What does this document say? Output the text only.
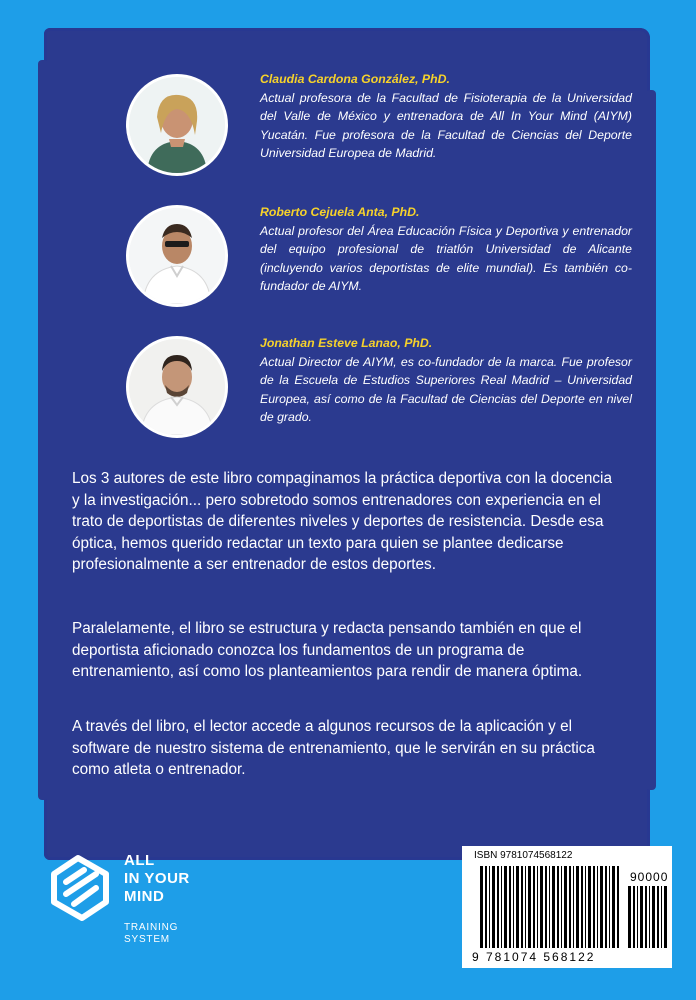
Claudia Cardona González, PhD.
Actual profesora de la Facultad de Fisioterapia de la Universidad del Valle de México y entrenadora de All In Your Mind (AIYM) Yucatán. Fue profesora de la Facultad de Ciencias del Deporte Universidad Europea de Madrid.
Roberto Cejuela Anta, PhD.
Actual profesor del Área Educación Física y Deportiva y entrenador del equipo profesional de triatlón Universidad de Alicante (incluyendo varios deportistas de elite mundial). Es también co-fundador de AIYM.
Jonathan Esteve Lanao, PhD.
Actual Director de AIYM, es co-fundador de la marca. Fue profesor de la Escuela de Estudios Superiores Real Madrid – Universidad Europea, así como de la Facultad de Ciencias del Deporte en nivel de grado.

Los 3 autores de este libro compaginamos la práctica deportiva con la docencia y la investigación... pero sobretodo somos entrenadores con experiencia en el trato de deportistas de diferentes niveles y deportes de resistencia. Desde esa óptica, hemos querido redactar un texto para quien se plantee dedicarse profesionalmente a ser entrenador de estos deportes.

Paralelamente, el libro se estructura y redacta pensando también en que el deportista aficionado conozca los fundamentos de un programa de entrenamiento, así como los planteamientos para rendir de manera óptima.

A través del libro, el lector accede a algunos recursos de la aplicación y el software de nuestro sistema de entrenamiento, que le servirán en su práctica como atleta o entrenador.

ALL
IN YOUR
MIND
TRAINING
SYSTEM
ISBN 9781074568122
90000
9 781074 568122
